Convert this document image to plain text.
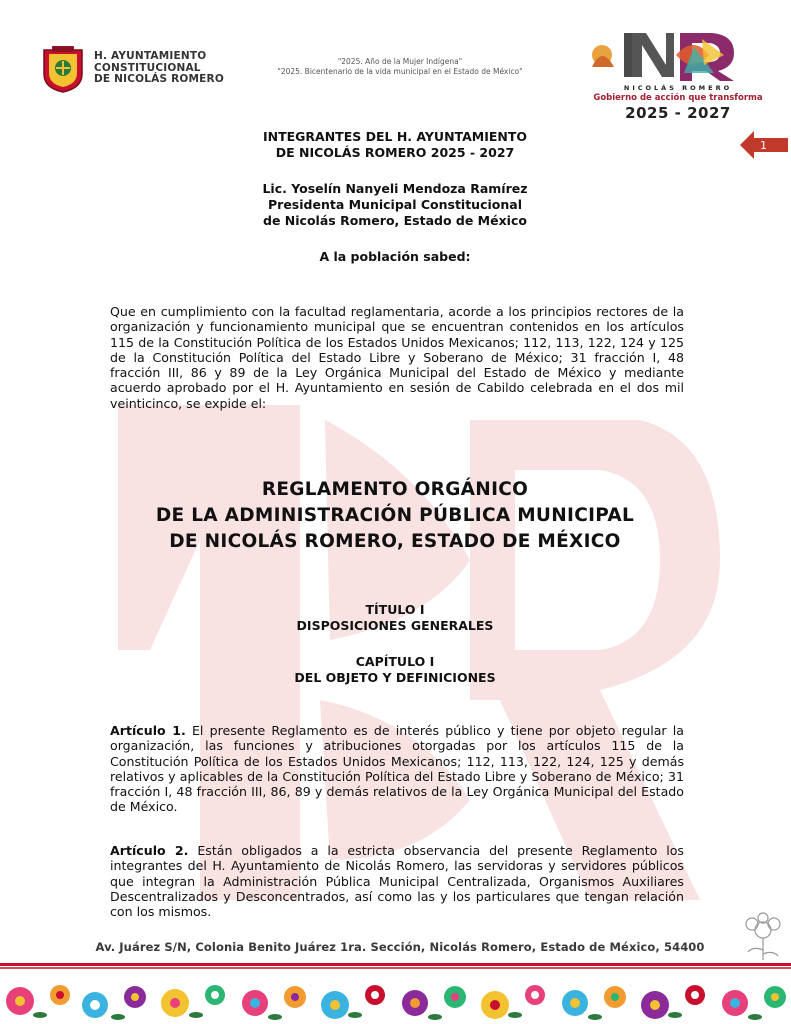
H. AYUNTAMIENTO
CONSTITUCIONAL
DE NICOLÁS ROMERO
"2025. Año de la Mujer Indígena"
"2025. Bicentenario de la vida municipal en el Estado de México"
NICOLÁS ROMERO
Gobierno de acción que transforma
2025 - 2027
1
INTEGRANTES DEL H. AYUNTAMIENTO
DE NICOLÁS ROMERO 2025 - 2027
Lic. Yoselín Nanyeli Mendoza Ramírez
Presidenta Municipal Constitucional
de Nicolás Romero, Estado de México
A la población sabed:
Que en cumplimiento con la facultad reglamentaria, acorde a los principios rectores de la organización y funcionamiento municipal que se encuentran contenidos en los artículos 115 de la Constitución Política de los Estados Unidos Mexicanos; 112, 113, 122, 124 y 125 de la Constitución Política del Estado Libre y Soberano de México; 31 fracción I, 48 fracción III, 86 y 89 de la Ley Orgánica Municipal del Estado de México y mediante acuerdo aprobado por el H. Ayuntamiento en sesión de Cabildo celebrada en el dos mil veinticinco, se expide el:
REGLAMENTO ORGÁNICO
DE LA ADMINISTRACIÓN PÚBLICA MUNICIPAL
DE NICOLÁS ROMERO, ESTADO DE MÉXICO
TÍTULO I
DISPOSICIONES GENERALES
CAPÍTULO I
DEL OBJETO Y DEFINICIONES
Artículo 1. El presente Reglamento es de interés público y tiene por objeto regular la organización, las funciones y atribuciones otorgadas por los artículos 115 de la Constitución Política de los Estados Unidos Mexicanos; 112, 113, 122, 124, 125 y demás relativos y aplicables de la Constitución Política del Estado Libre y Soberano de México; 31 fracción I, 48 fracción III, 86, 89 y demás relativos de la Ley Orgánica Municipal del Estado de México.
Artículo 2. Están obligados a la estricta observancia del presente Reglamento los integrantes del H. Ayuntamiento de Nicolás Romero, las servidoras y servidores públicos que integran la Administración Pública Municipal Centralizada, Organismos Auxiliares Descentralizados y Desconcentrados, así como las y los particulares que tengan relación con los mismos.
Av. Juárez S/N, Colonia Benito Juárez 1ra. Sección, Nicolás Romero, Estado de México, 54400
